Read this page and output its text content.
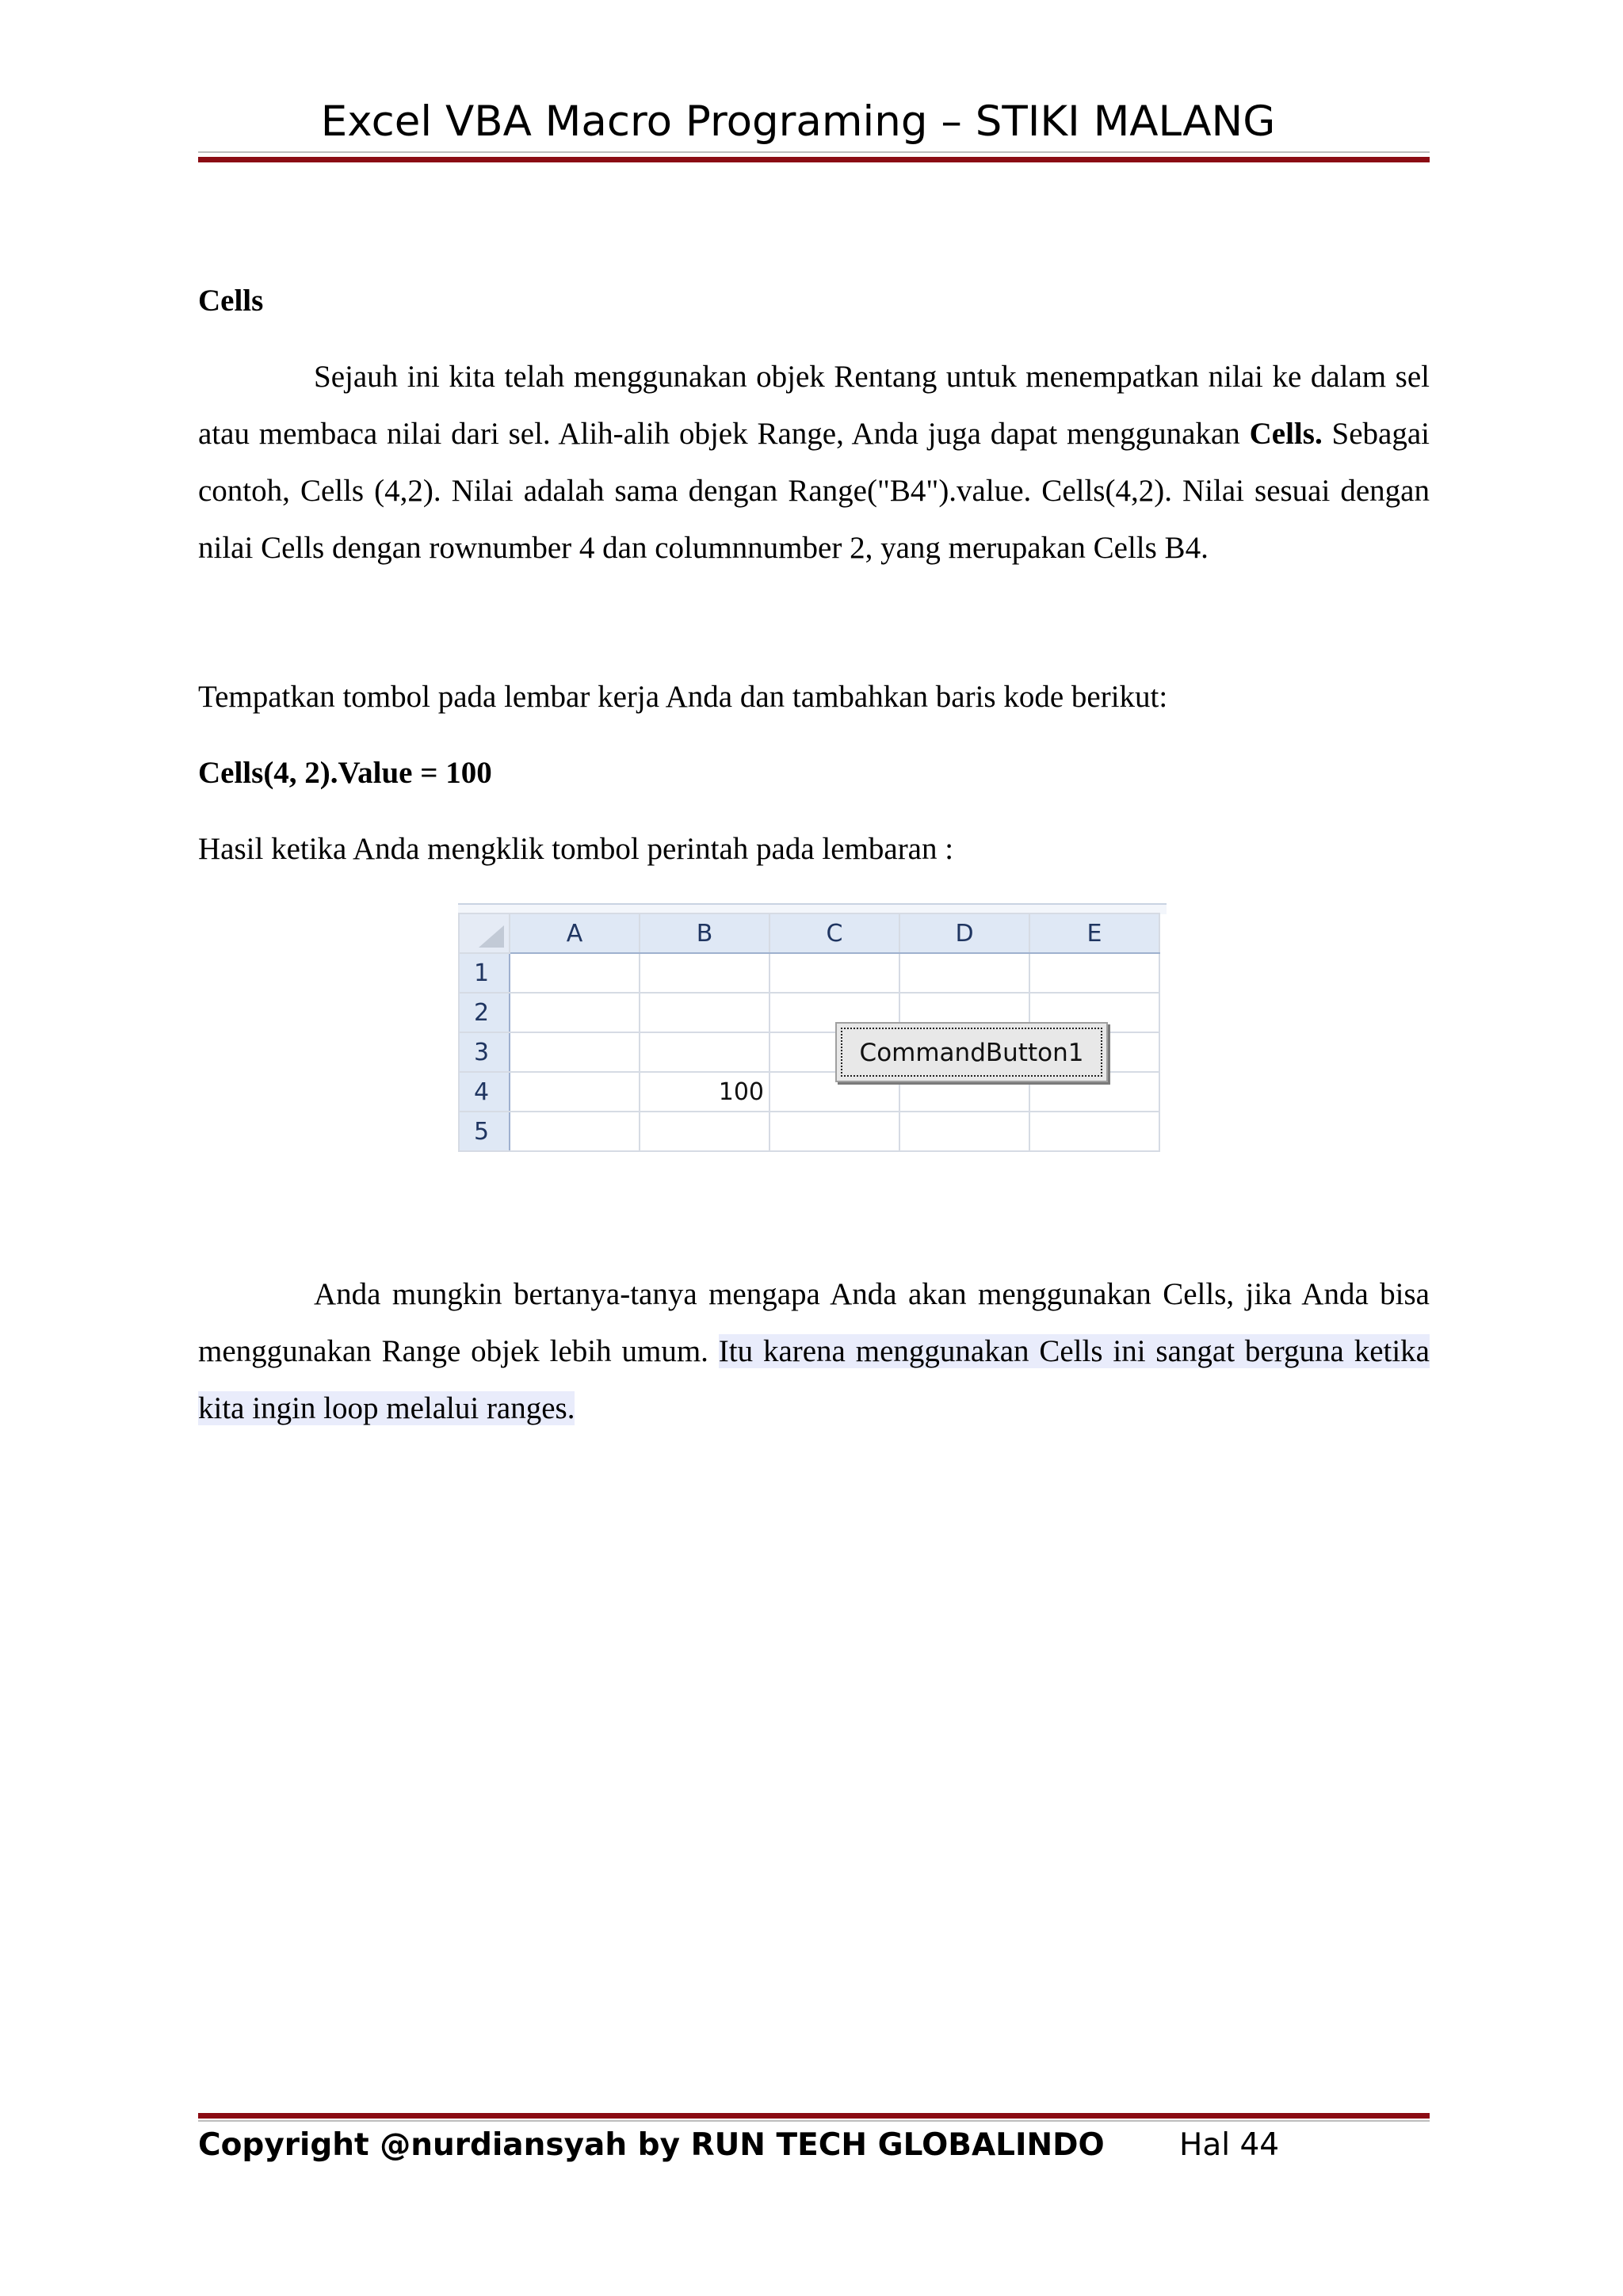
Excel VBA Macro Programing – STIKI MALANG
Cells
Sejauh ini kita telah menggunakan objek Rentang untuk menempatkan nilai ke dalam sel atau membaca nilai dari sel. Alih-alih objek Range, Anda juga dapat menggunakan Cells. Sebagai contoh, Cells (4,2). Nilai adalah sama dengan Range("B4").value. Cells(4,2). Nilai sesuai dengan nilai Cells dengan rownumber 4 dan columnnumber 2, yang merupakan Cells B4.
Tempatkan tombol pada lembar kerja Anda dan tambahkan baris kode berikut:
Cells(4, 2).Value = 100
Hasil ketika Anda mengklik tombol perintah pada lembaran :
	A	B	C	D	E
1					
2					
3					
4		100			
5					
CommandButton1
Anda mungkin bertanya-tanya mengapa Anda akan menggunakan Cells, jika Anda bisa menggunakan Range objek lebih umum. Itu karena menggunakan Cells ini sangat berguna ketika kita ingin loop melalui ranges.
Copyright @nurdiansyah by RUN TECH GLOBALINDO Hal 44
